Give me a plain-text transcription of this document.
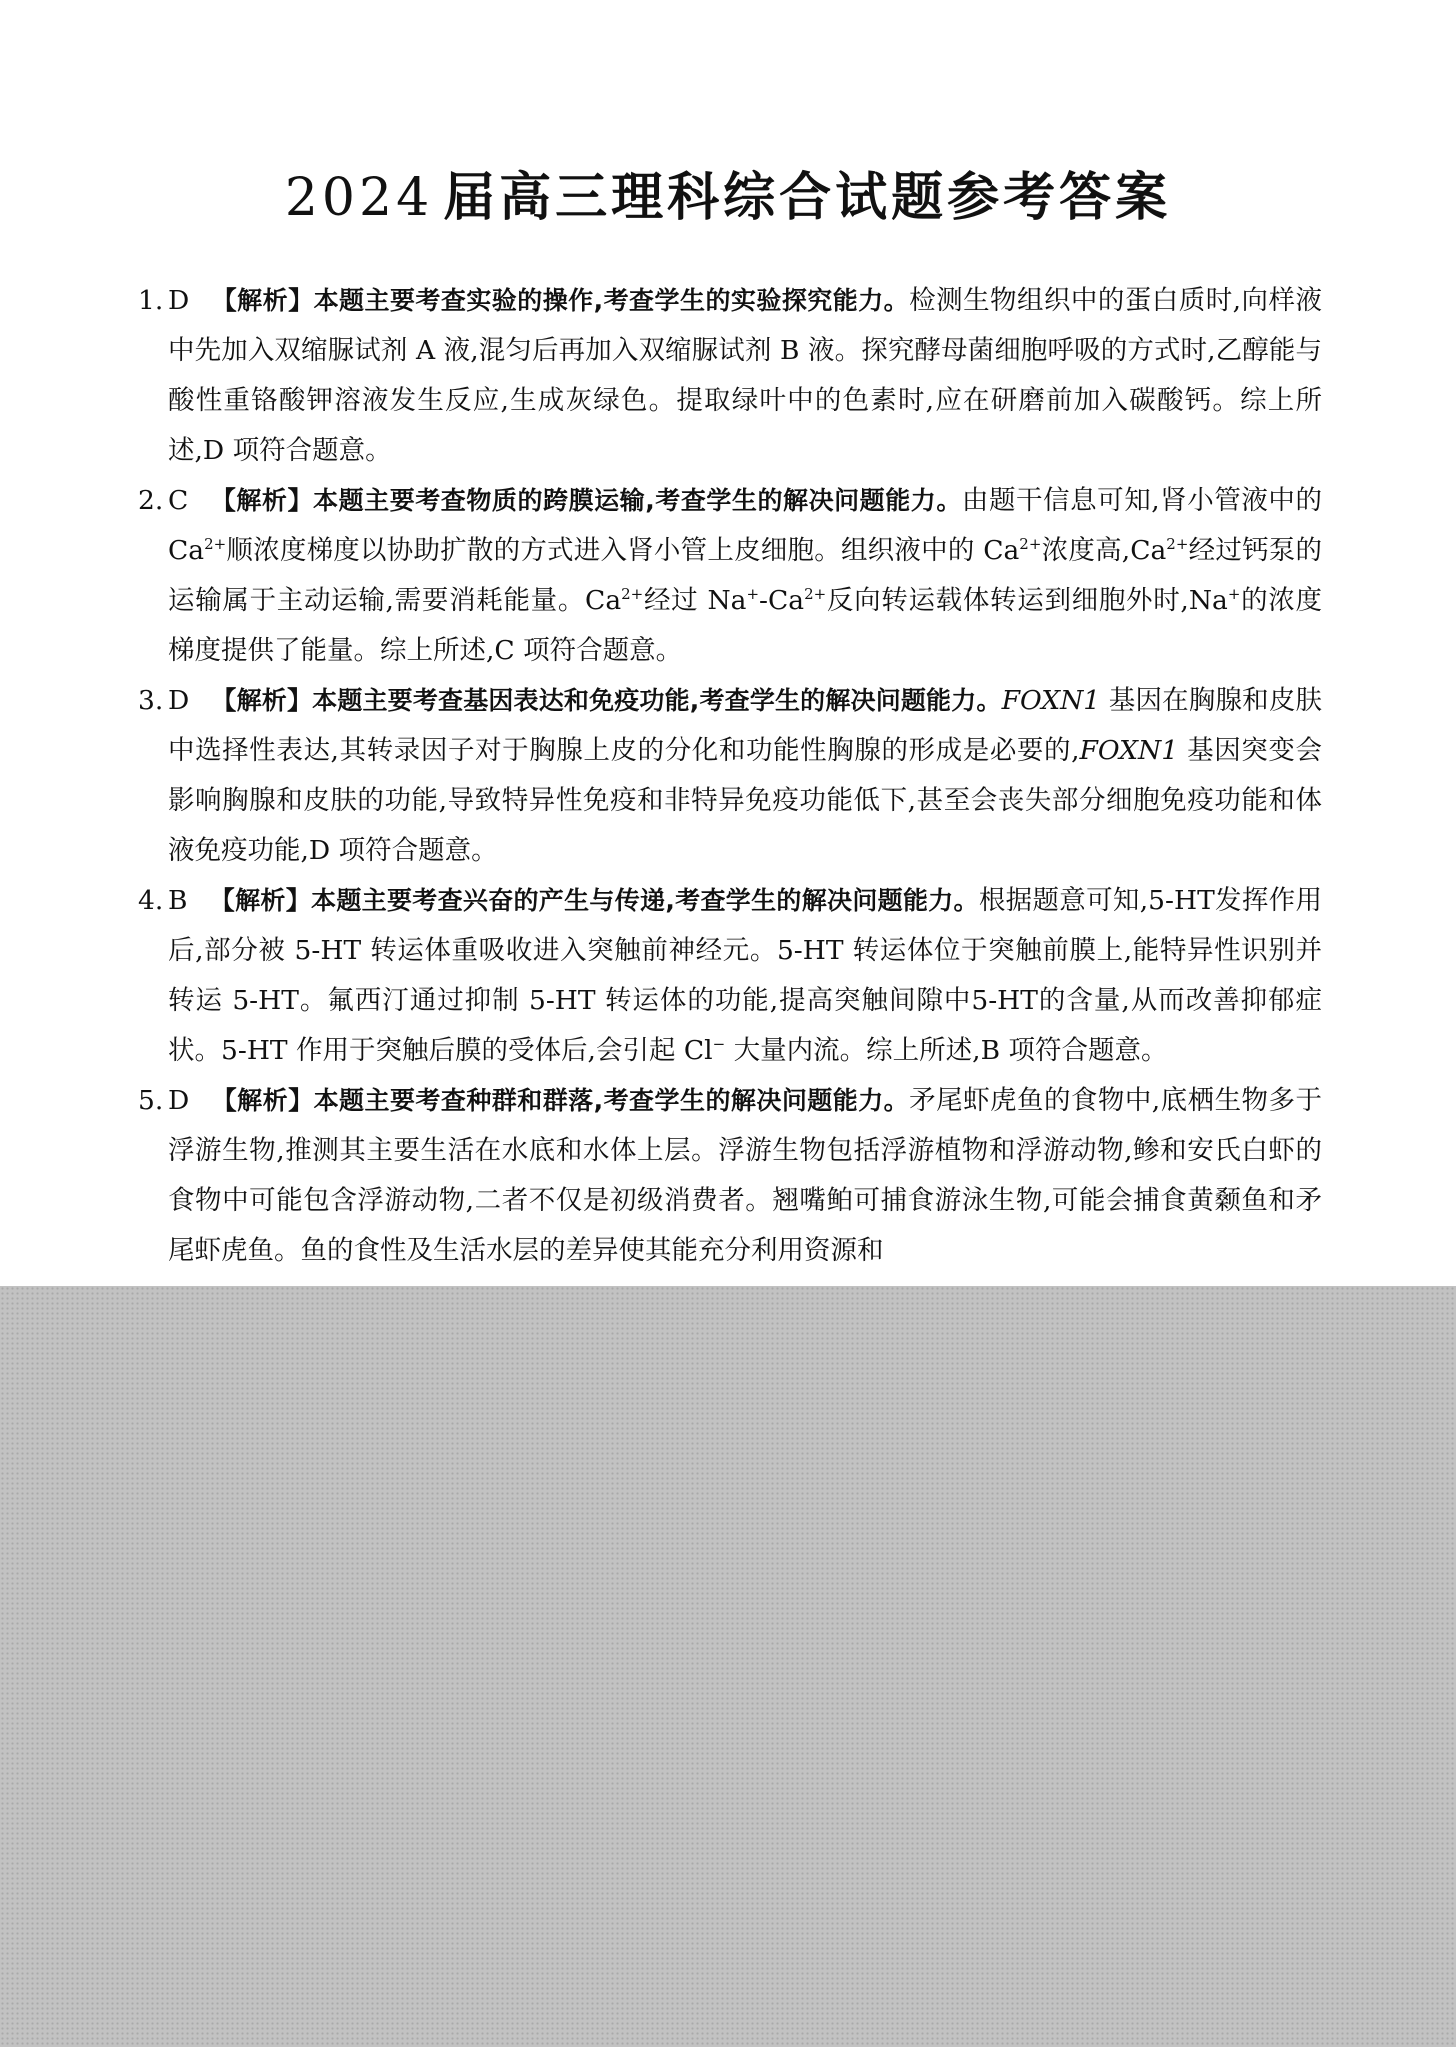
2024 届高三理科综合试题参考答案
1. D 【解析】本题主要考查实验的操作,考查学生的实验探究能力。检测生物组织中的蛋白质时,向样液中先加入双缩脲试剂 A 液,混匀后再加入双缩脲试剂 B 液。探究酵母菌细胞呼吸的方式时,乙醇能与酸性重铬酸钾溶液发生反应,生成灰绿色。提取绿叶中的色素时,应在研磨前加入碳酸钙。综上所述,D 项符合题意。
2. C 【解析】本题主要考查物质的跨膜运输,考查学生的解决问题能力。由题干信息可知,肾小管液中的 $Ca^{2+}$顺浓度梯度以协助扩散的方式进入肾小管上皮细胞。组织液中的 $Ca^{2+}$浓度高$,Ca^{2+}$经过钙泵的运输属于主动运输,需要消耗能量。$Ca^{2+}$经过 $Na^+-Ca^{2+}$反向转运载体转运到细胞外时,Na+的浓度梯度提供了能量。综上所述,C 项符合题意。
3. D 【解析】本题主要考查基因表达和免疫功能,考查学生的解决问题能力。FOXN1 基因在胸腺和皮肤中选择性表达,其转录因子对于胸腺上皮的分化和功能性胸腺的形成是必要的,FOXN1 基因突变会影响胸腺和皮肤的功能,导致特异性免疫和非特异免疫功能低下,甚至会丧失部分细胞免疫功能和体液免疫功能,D 项符合题意。
4. B 【解析】本题主要考查兴奋的产生与传递,考查学生的解决问题能力。根据题意可知,5-HT发挥作用后,部分被 5-HT 转运体重吸收进入突触前神经元。5-HT 转运体位于突触前膜上,能特异性识别并转运 5-HT。氟西汀通过抑制 5-HT 转运体的功能,提高突触间隙中5-HT的含量,从而改善抑郁症状。5-HT 作用于突触后膜的受体后,会引起 Cl− 大量内流。综上所述,B 项符合题意。
5. D 【解析】本题主要考查种群和群落,考查学生的解决问题能力。矛尾虾虎鱼的食物中,底栖生物多于浮游生物,推测其主要生活在水底和水体上层。浮游生物包括浮游植物和浮游动物,鲹和安氏白虾的食物中可能包含浮游动物,二者不仅是初级消费者。翘嘴鲌可捕食游泳生物,可能会捕食黄颡鱼和矛尾虾虎鱼。鱼的食性及生活水层的差异使其能充分利用资源和
